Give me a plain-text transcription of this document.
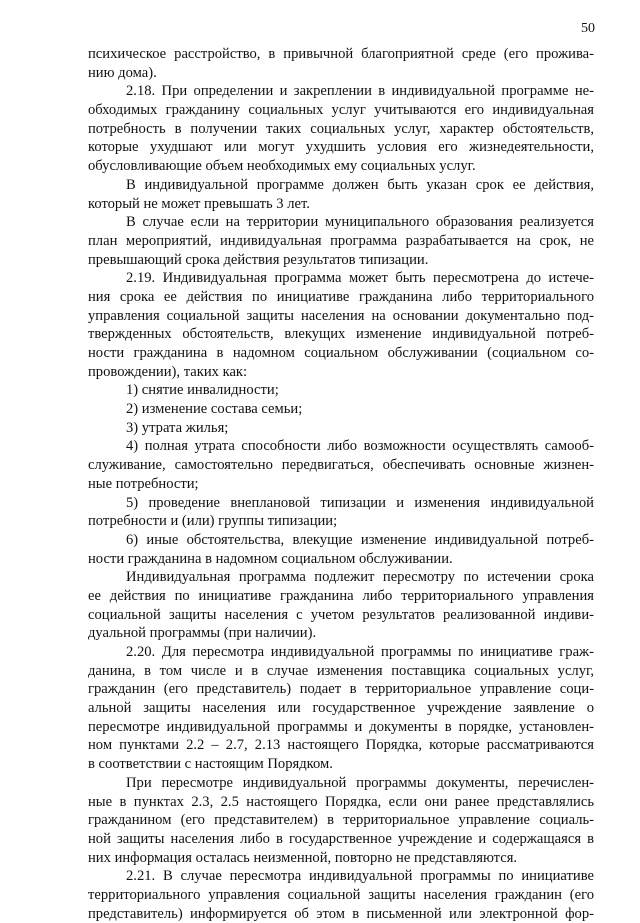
50
психическое расстройство, в привычной благоприятной среде (его прожива-
нию дома).
2.18. При определении и закреплении в индивидуальной программе не-
обходимых гражданину социальных услуг учитываются его индивидуальная
потребность в получении таких социальных услуг, характер обстоятельств,
которые ухудшают или могут ухудшить условия его жизнедеятельности,
обусловливающие объем необходимых ему социальных услуг.
В индивидуальной программе должен быть указан срок ее действия,
который не может превышать 3 лет.
В случае если на территории муниципального образования реализуется
план мероприятий, индивидуальная программа разрабатывается на срок, не
превышающий срока действия результатов типизации.
2.19. Индивидуальная программа может быть пересмотрена до истече-
ния срока ее действия по инициативе гражданина либо территориального
управления социальной защиты населения на основании документально под-
твержденных обстоятельств, влекущих изменение индивидуальной потреб-
ности гражданина в надомном социальном обслуживании (социальном со-
провождении), таких как:
1) снятие инвалидности;
2) изменение состава семьи;
3) утрата жилья;
4) полная утрата способности либо возможности осуществлять самооб-
служивание, самостоятельно передвигаться, обеспечивать основные жизнен-
ные потребности;
5) проведение внеплановой типизации и изменения индивидуальной
потребности и (или) группы типизации;
6) иные обстоятельства, влекущие изменение индивидуальной потреб-
ности гражданина в надомном социальном обслуживании.
Индивидуальная программа подлежит пересмотру по истечении срока
ее действия по инициативе гражданина либо территориального управления
социальной защиты населения с учетом результатов реализованной индиви-
дуальной программы (при наличии).
2.20. Для пересмотра индивидуальной программы по инициативе граж-
данина, в том числе и в случае изменения поставщика социальных услуг,
гражданин (его представитель) подает в территориальное управление соци-
альной защиты населения или государственное учреждение заявление о
пересмотре индивидуальной программы и документы в порядке, установлен-
ном пунктами 2.2 – 2.7, 2.13 настоящего Порядка, которые рассматриваются
в соответствии с настоящим Порядком.
При пересмотре индивидуальной программы документы, перечислен-
ные в пунктах 2.3, 2.5 настоящего Порядка, если они ранее представлялись
гражданином (его представителем) в территориальное управление социаль-
ной защиты населения либо в государственное учреждение и содержащаяся в
них информация осталась неизменной, повторно не представляются.
2.21. В случае пересмотра индивидуальной программы по инициативе
территориального управления социальной защиты населения гражданин (его
представитель) информируется об этом в письменной или электронной фор-
